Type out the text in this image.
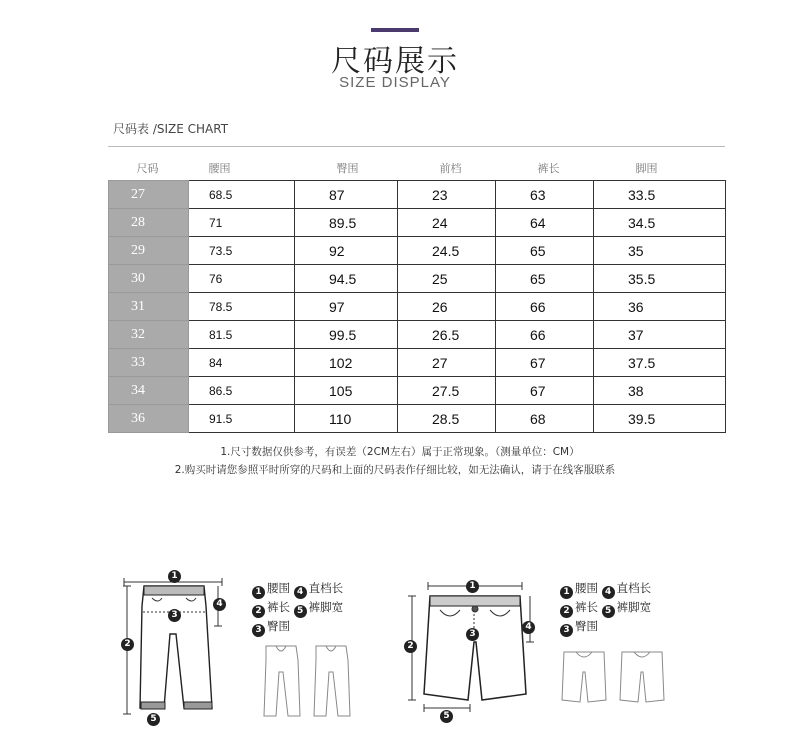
尺码展示
SIZE DISPLAY
尺码表 /SIZE CHART
尺码	腰围	臀围	前档	裤长	脚围
27	68.5	87	23	63	33.5
28	71	89.5	24	64	34.5
29	73.5	92	24.5	65	35
30	76	94.5	25	65	35.5
31	78.5	97	26	66	36
32	81.5	99.5	26.5	66	37
33	84	102	27	67	37.5
34	86.5	105	27.5	67	38
36	91.5	110	28.5	68	39.5
1.尺寸数据仅供参考，有误差（2CM左右）属于正常现象。（测量单位：CM）
2.购买时请您参照平时所穿的尺码和上面的尺码表作仔细比较，如无法确认，请于在线客服联系
1
2
3
4
5
1 腰围 4 直档长
2 裤长 5 裤脚宽
3 臀围
1
2
3
4
5
1 腰围 4 直档长
2 裤长 5 裤脚宽
3 臀围
